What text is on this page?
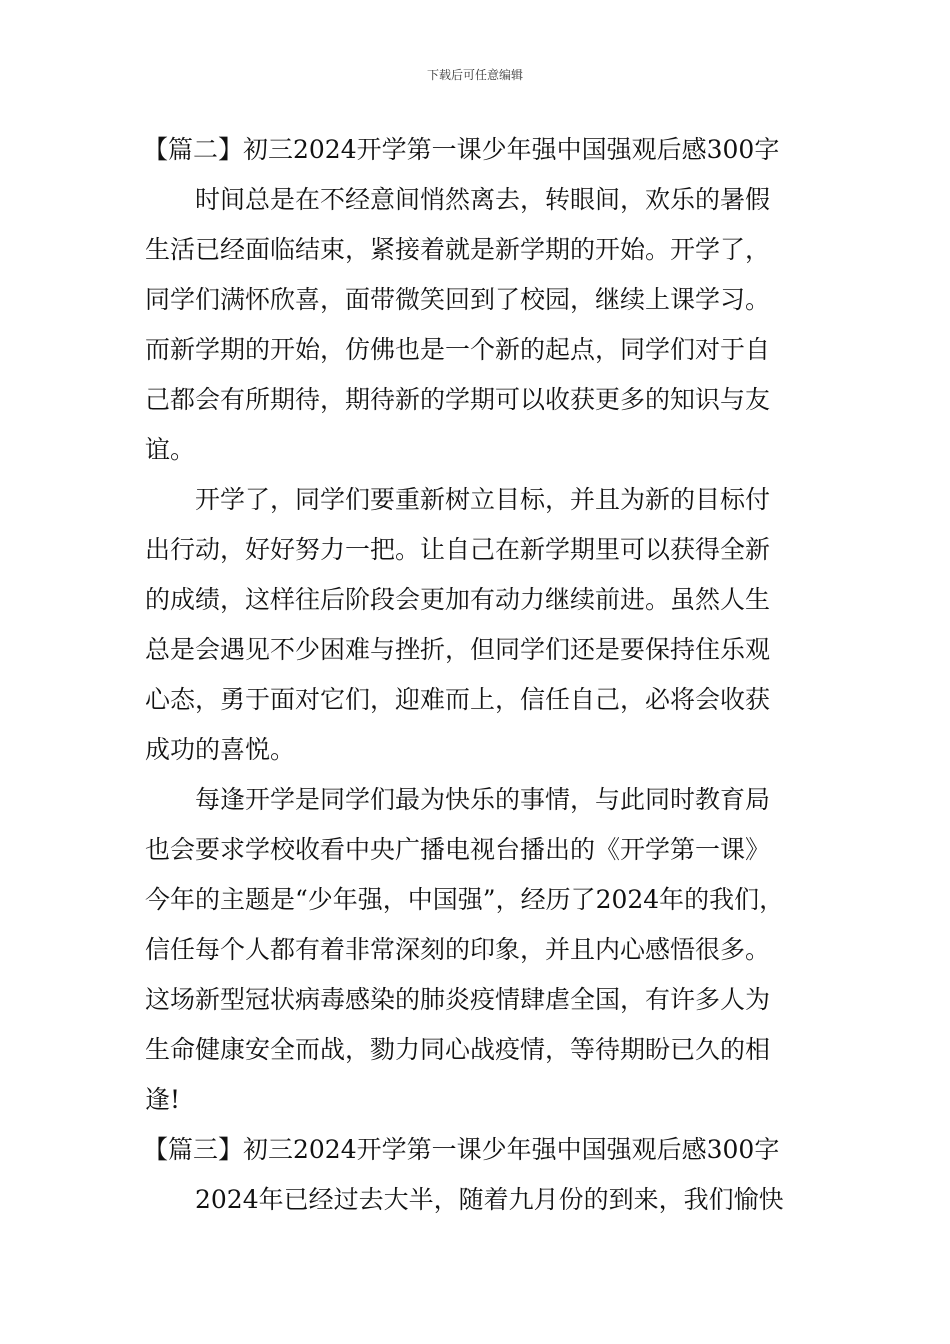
下载后可任意编辑
【篇二】初三2024开学第一课少年强中国强观后感300字

时间总是在不经意间悄然离去，转眼间，欢乐的暑假
生活已经面临结束，紧接着就是新学期的开始。开学了，
同学们满怀欣喜，面带微笑回到了校园，继续上课学习。
而新学期的开始，仿佛也是一个新的起点，同学们对于自
己都会有所期待，期待新的学期可以收获更多的知识与友
谊。

开学了，同学们要重新树立目标，并且为新的目标付
出行动，好好努力一把。让自己在新学期里可以获得全新
的成绩，这样往后阶段会更加有动力继续前进。虽然人生
总是会遇见不少困难与挫折，但同学们还是要保持住乐观
心态，勇于面对它们，迎难而上，信任自己，必将会收获
成功的喜悦。

每逢开学是同学们最为快乐的事情，与此同时教育局
也会要求学校收看中央广播电视台播出的《开学第一课》
今年的主题是“少年强，中国强”，经历了2024年的我们，
信任每个人都有着非常深刻的印象，并且内心感悟很多。
这场新型冠状病毒感染的肺炎疫情肆虐全国，有许多人为
生命健康安全而战，勠力同心战疫情，等待期盼已久的相
逢!

【篇三】初三2024开学第一课少年强中国强观后感300字

2024年已经过去大半，随着九月份的到来，我们愉快
